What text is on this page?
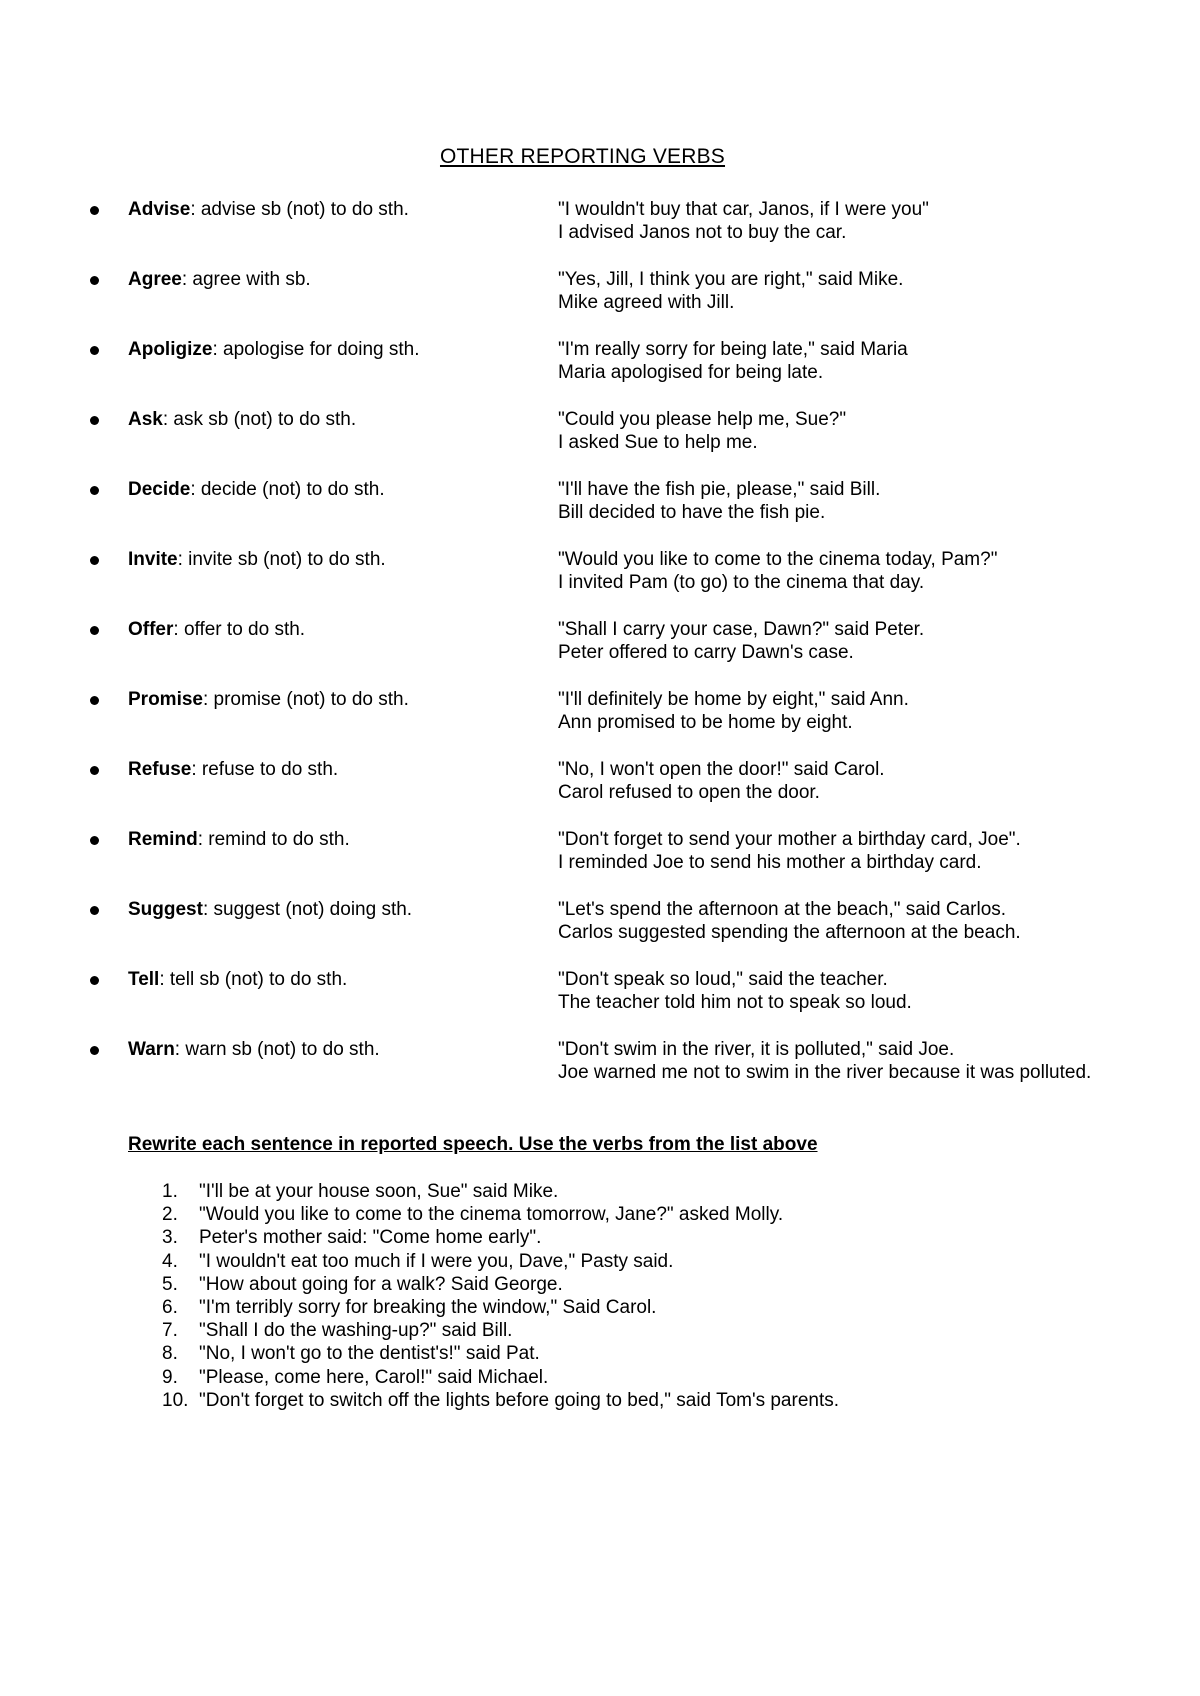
OTHER REPORTING VERBS
Advise: advise sb (not) to do sth.	"I wouldn't buy that car, Janos, if I were you"
I advised Janos not to buy the car.
Agree: agree with sb.	"Yes, Jill, I think you are right," said Mike.
Mike agreed with Jill.
Apoligize: apologise for doing sth.	"I'm really sorry for being late," said Maria
Maria apologised for being late.
Ask: ask sb (not) to do sth.	"Could you please help me, Sue?"
I asked Sue to help me.
Decide: decide (not) to do sth.	"I'll have the fish pie, please," said Bill.
Bill decided to have the fish pie.
Invite: invite sb (not) to do sth.	"Would you like to come to the cinema today, Pam?"
I invited Pam (to go) to the cinema that day.
Offer: offer to do sth.	"Shall I carry your case, Dawn?" said Peter.
Peter offered to carry Dawn's case.
Promise: promise (not) to do sth.	"I'll definitely be home by eight," said Ann.
Ann promised to be home by eight.
Refuse: refuse to do sth.	"No, I won't open the door!" said Carol.
Carol refused to open the door.
Remind: remind to do sth.	"Don't forget to send your mother a birthday card, Joe".
I reminded Joe to send his mother a birthday card.
Suggest: suggest (not) doing sth.	"Let's spend the afternoon at the beach," said Carlos.
Carlos suggested spending the afternoon at the beach.
Tell: tell sb (not) to do sth.	"Don't speak so loud," said the teacher.
The teacher told him not to speak so loud.
Warn: warn sb (not) to do sth.	"Don't swim in the river, it is polluted," said Joe.
Joe warned me not to swim in the river because it was polluted.
Rewrite each sentence in reported speech. Use the verbs from the list above
1.	"I'll be at your house soon, Sue" said Mike.
2.	"Would you like to come to the cinema tomorrow, Jane?" asked Molly.
3.	Peter's mother said: "Come home early".
4.	"I wouldn't eat too much if I were you, Dave," Pasty said.
5.	"How about going for a walk? Said George.
6.	"I'm terribly sorry for breaking the window," Said Carol.
7.	"Shall I do the washing-up?" said Bill.
8.	"No, I won't go to the dentist's!" said Pat.
9.	"Please, come here, Carol!" said Michael.
10. "Don't forget to switch off the lights before going to bed," said Tom's parents.
